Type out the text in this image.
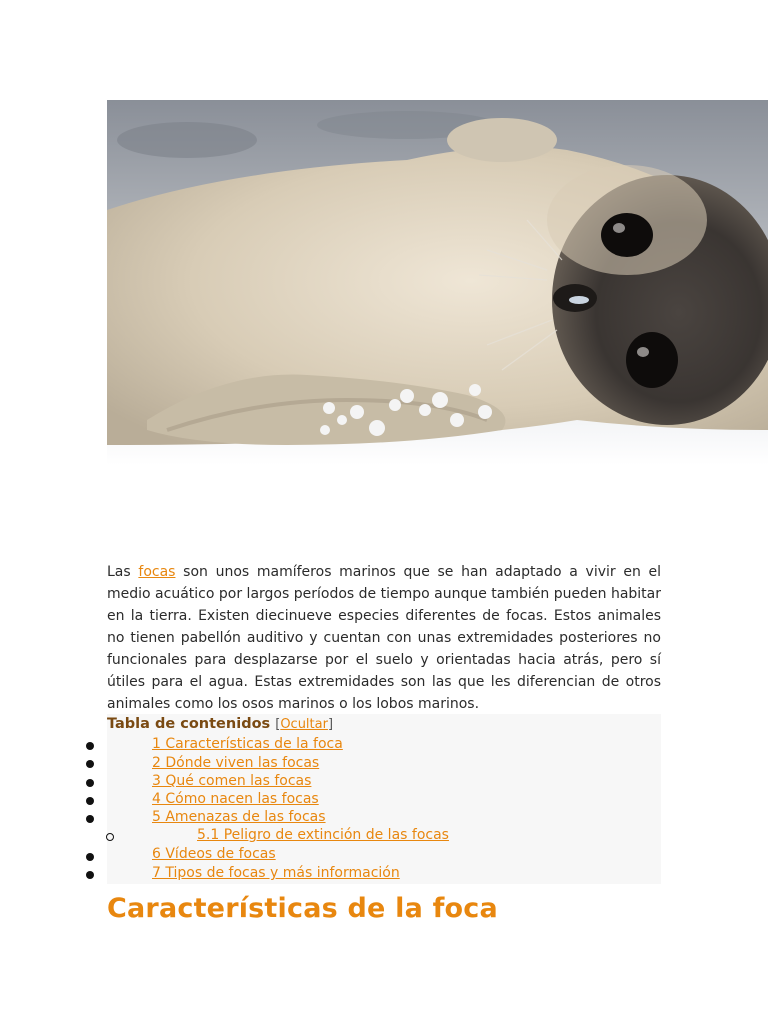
Las focas son unos mamíferos marinos que se han adaptado a vivir en el medio acuático por largos períodos de tiempo aunque también pueden habitar en la tierra. Existen diecinueve especies diferentes de focas. Estos animales no tienen pabellón auditivo y cuentan con unas extremidades posteriores no funcionales para desplazarse por el suelo y orientadas hacia atrás, pero sí útiles para el agua. Estas extremidades son las que les diferencian de otros animales como los osos marinos o los lobos marinos.

Tabla de contenidos [Ocultar]
1 Características de la foca
2 Dónde viven las focas
3 Qué comen las focas
4 Cómo nacen las focas
5 Amenazas de las focas
5.1 Peligro de extinción de las focas
6 Vídeos de focas
7 Tipos de focas y más información
Características de la foca
